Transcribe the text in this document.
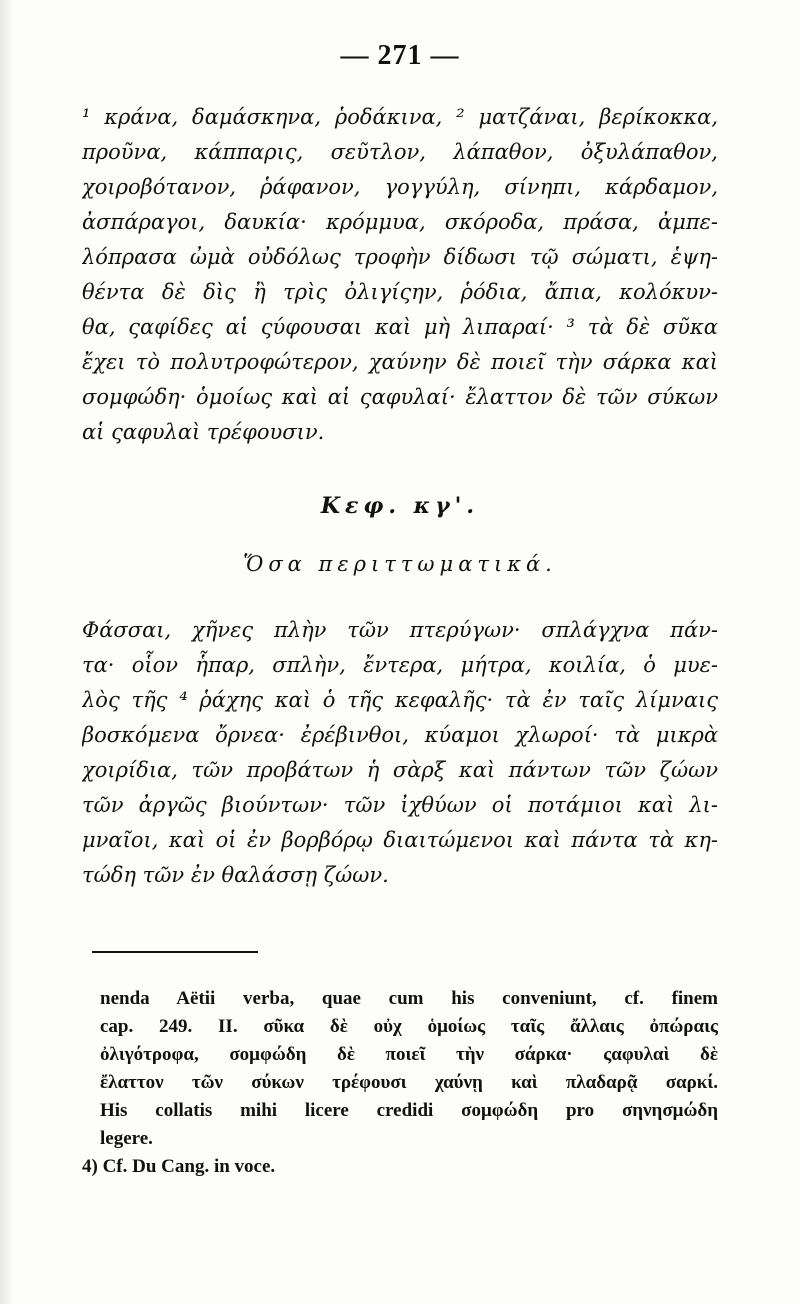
— 271 —
¹ κράνα, δαμάσκηνα, ῥοδάκινα, ² ματζάναι, βερίκοκκα,
προῦνα, κάππαρις, σεῦτλον, λάπαθον, ὀξυλάπαθον,
χοιροβότανον, ῥάφανον, γογγύλη, σίνηπι, κάρδαμον,
ἀσπάραγοι, δαυκία· κρόμμυα, σκόροδα, πράσα, ἀμπε-
λόπρασα ὠμὰ οὐδόλως τροφὴν δίδωσι τῷ σώματι, ἑψη-
θέντα δὲ δὶς ἢ τρὶς ὀλιγίςην, ῥόδια, ἄπια, κολόκυν-
θα, ςαφίδες αἱ ςύφουσαι καὶ μὴ λιπαραί· ³ τὰ δὲ σῦκα
ἔχει τὸ πολυτροφώτερον, χαύνην δὲ ποιεῖ τὴν σάρκα καὶ
σομφώδη· ὁμοίως καὶ αἱ ςαφυλαί· ἔλαττον δὲ τῶν σύκων
αἱ ςαφυλαὶ τρέφουσιν.
Κεφ. κγ'.
Ὅσα περιττωματικά.
Φάσσαι, χῆνες πλὴν τῶν πτερύγων· σπλάγχνα πάν-
τα· οἷον ἧπαρ, σπλὴν, ἔντερα, μήτρα, κοιλία, ὁ μυε-
λὸς τῆς ⁴ ῥάχης καὶ ὁ τῆς κεφαλῆς· τὰ ἐν ταῖς λίμναις
βοσκόμενα ὄρνεα· ἐρέβινθοι, κύαμοι χλωροί· τὰ μικρὰ
χοιρίδια, τῶν προβάτων ἡ σὰρξ καὶ πάντων τῶν ζώων
τῶν ἀργῶς βιούντων· τῶν ἰχθύων οἱ ποτάμιοι καὶ λι-
μναῖοι, καὶ οἱ ἐν βορβόρῳ διαιτώμενοι καὶ πάντα τὰ κη-
τώδη τῶν ἐν θαλάσσῃ ζώων.
nenda Aëtii verba, quae cum his conveniunt, cf. finem
cap. 249. II. σῦκα δὲ οὐχ ὁμοίως ταῖς ἄλλαις ὀπώραις
ὀλιγότροφα, σομφώδη δὲ ποιεῖ τὴν σάρκα· ςαφυλαὶ δὲ
ἔλαττον τῶν σύκων τρέφουσι χαύνῃ καὶ πλαδαρᾷ σαρκί.
His collatis mihi licere credidi σομφώδη pro σηνησμώδη
legere.
4) Cf. Du Cang. in voce.
